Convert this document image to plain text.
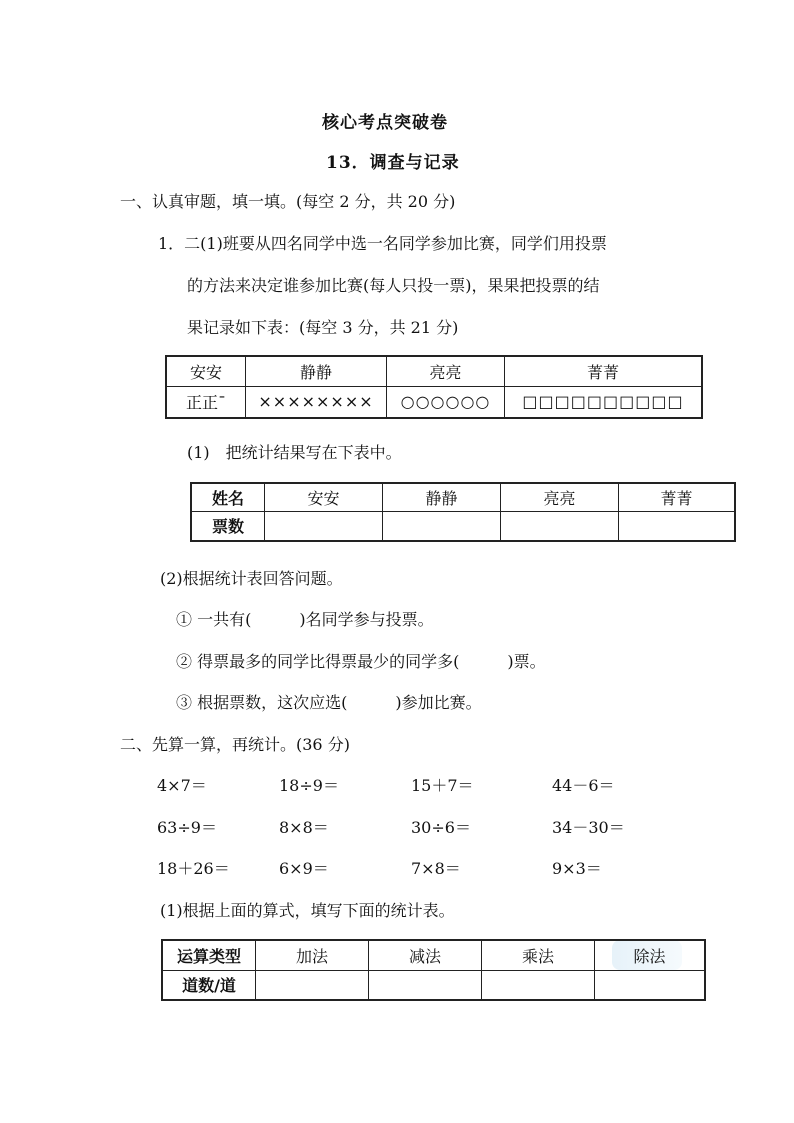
核心考点突破卷
13．调查与记录
一、认真审题，填一填。(每空 2 分，共 20 分)
1．二(1)班要从四名同学中选一名同学参加比赛，同学们用投票
的方法来决定谁参加比赛(每人只投一票)，果果把投票的结
果记录如下表：(每空 3 分，共 21 分)
安安	静静	亮亮	菁菁
正正¯	××××××××	○○○○○○	□□□□□□□□□□
(1)　把统计结果写在下表中。
姓名	安安	静静	亮亮	菁菁
票数				
(2)根据统计表回答问题。
① 一共有(　　　)名同学参与投票。
② 得票最多的同学比得票最少的同学多(　　　)票。
③ 根据票数，这次应选(　　　)参加比赛。
二、先算一算，再统计。(36 分)
4×7＝	18÷9＝	15＋7＝	44－6＝
63÷9＝	8×8＝	30÷6＝	34－30＝
18＋26＝	6×9＝	7×8＝	9×3＝
(1)根据上面的算式，填写下面的统计表。
运算类型	加法	减法	乘法	除法
道数/道				
